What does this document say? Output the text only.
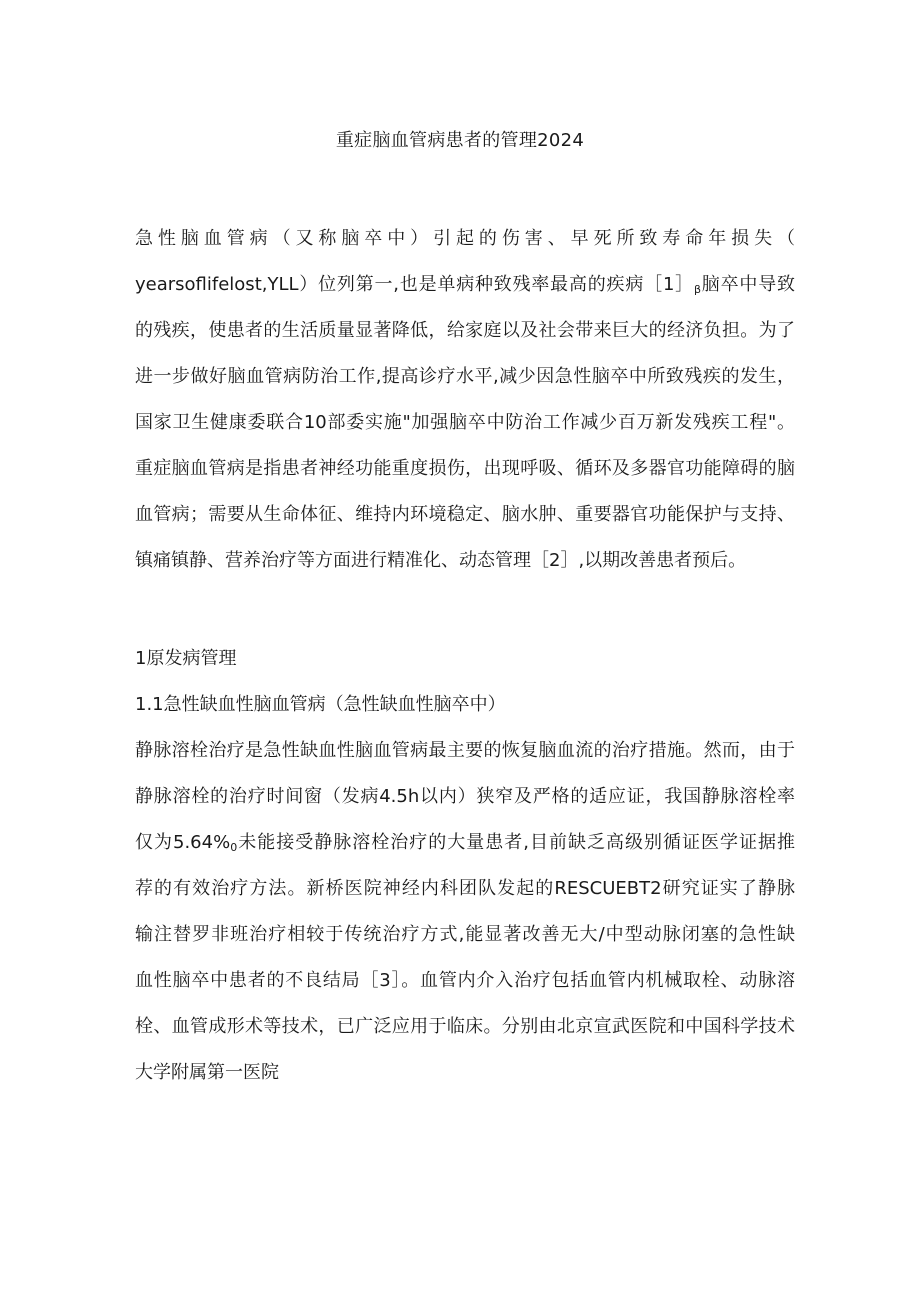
重症脑血管病患者的管理2024
急性脑血管病（又称脑卒中）引起的伤害、早死所致寿命年损失（
yearsoflifelost,YLL）位列第一,也是单病种致残率最高的疾病$[1]_\beta$脑卒中导致
的残疾，使患者的生活质量显著降低，给家庭以及社会带来巨大的经济负担。为了
进一步做好脑血管病防治工作,提高诊疗水平,减少因急性脑卒中所致残疾的发生，
国家卫生健康委联合10部委实施"加强脑卒中防治工作减少百万新发残疾工程"。
重症脑血管病是指患者神经功能重度损伤，出现呼吸、循环及多器官功能障碍的脑
血管病；需要从生命体征、维持内环境稳定、脑水肿、重要器官功能保护与支持、
镇痛镇静、营养治疗等方面进行精准化、动态管理［2］,以期改善患者预后。
1原发病管理
1.1急性缺血性脑血管病（急性缺血性脑卒中）
静脉溶栓治疗是急性缺血性脑血管病最主要的恢复脑血流的治疗措施。然而，由于
静脉溶栓的治疗时间窗（发病4.5h以内）狭窄及严格的适应证，我国静脉溶栓率
仅为$5.64\%_0$未能接受静脉溶栓治疗的大量患者,目前缺乏高级别循证医学证据推
荐的有效治疗方法。新桥医院神经内科团队发起的RESCUEBT2研究证实了静脉
输注替罗非班治疗相较于传统治疗方式,能显著改善无大/中型动脉闭塞的急性缺
血性脑卒中患者的不良结局［3］。血管内介入治疗包括血管内机械取栓、动脉溶
栓、血管成形术等技术，已广泛应用于临床。分别由北京宣武医院和中国科学技术
大学附属第一医院
